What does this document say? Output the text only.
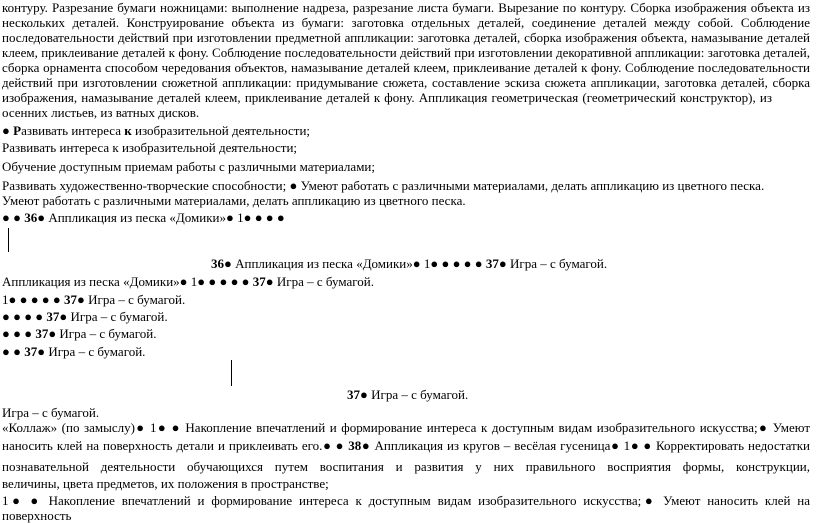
контуру. Разрезание бумаги ножницами: выполнение надреза, разрезание листа бумаги. Вырезание по контуру. Сборка изображения объекта из
нескольких деталей. Конструирование объекта из бумаги: заготовка отдельных деталей, соединение деталей между собой. Соблюдение
последовательности действий при изготовлении предметной аппликации: заготовка деталей, сборка изображения объекта, намазывание деталей
клеем, приклеивание деталей к фону. Соблюдение последовательности действий при изготовлении декоративной аппликации: заготовка деталей,
сборка орнамента способом чередования объектов, намазывание деталей клеем, приклеивание деталей к фону. Соблюдение последовательности
действий при изготовлении сюжетной аппликации: придумывание сюжета, составление эскиза сюжета аппликации, заготовка деталей, сборка
изображения, намазывание деталей клеем, приклеивание деталей к фону. Аппликация геометрическая (геометрический конструктор), из
осенних листьев, из ватных дисков.
● Развивать интереса к изобразительной деятельности;
Развивать интереса к изобразительной деятельности;
Обучение доступным приемам работы с различными материалами;
Развивать художественно-творческие способности; ● Умеют работать с различными материалами, делать аппликацию из цветного песка.
Умеют работать с различными материалами, делать аппликацию из цветного песка.
● ● 36● Аппликация из песка «Домики»● 1● ● ● ●
36● Аппликация из песка «Домики»● 1● ● ● ● ● 37● Игра – с бумагой.
Аппликация из песка «Домики»● 1● ● ● ● ● 37● Игра – с бумагой.
1● ● ● ● ● 37● Игра – с бумагой.
● ● ● ● 37● Игра – с бумагой.
● ● ● 37● Игра – с бумагой.
● ● 37● Игра – с бумагой.
37● Игра – с бумагой.
Игра – с бумагой.
«Коллаж» (по замыслу)● 1● ● Накопление впечатлений и формирование интереса к доступным видам изобразительного искусства;● Умеют
наносить клей на поверхность детали и приклеивать его.● ● 38● Аппликация из кругов – весёлая гусеница● 1● ● Корректировать недостатки
познавательной деятельности обучающихся путем воспитания и развития у них правильного восприятия формы, конструкции,
величины, цвета предметов, их положения в пространстве;
1● ● Накопление впечатлений и формирование интереса к доступным видам изобразительного искусства;● Умеют наносить клей на поверхность
